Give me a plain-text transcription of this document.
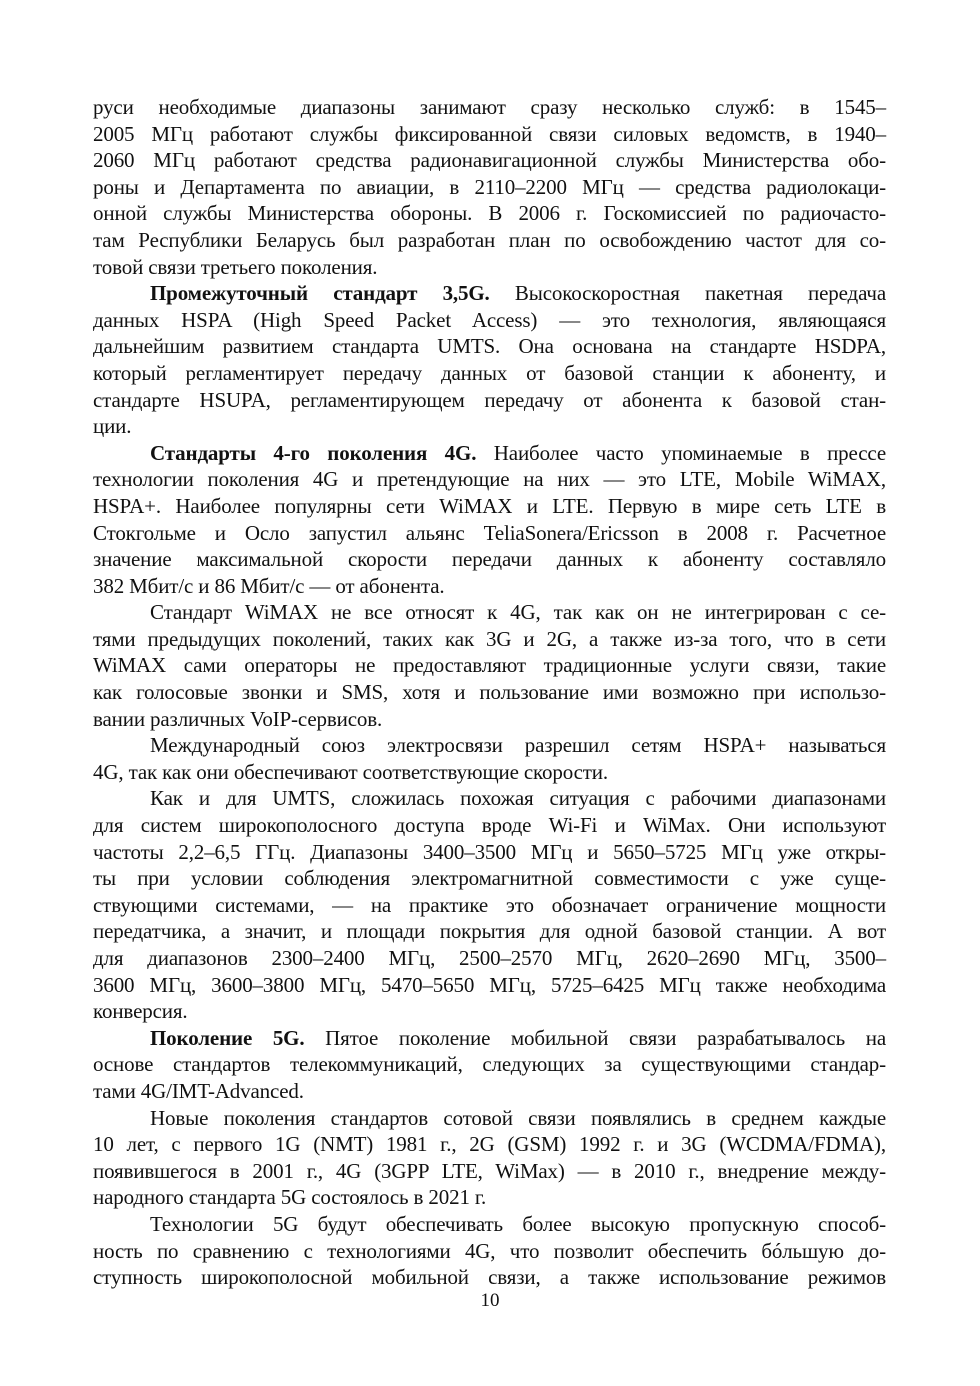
руси необходимые диапазоны занимают сразу несколько служб: в 1545–
2005 МГц работают службы фиксированной связи силовых ведомств, в 1940–
2060 МГц работают средства радионавигационной службы Министерства обо-
роны и Департамента по авиации, в 2110–2200 МГц — средства радиолокаци-
онной службы Министерства обороны. В 2006 г. Госкомиссией по радиочасто-
там Республики Беларусь был разработан план по освобождению частот для со-
товой связи третьего поколения.
Промежуточный стандарт 3,5G. Высокоскоростная пакетная передача
данных HSPA (High Speed Packet Access) — это технология, являющаяся
дальнейшим развитием стандарта UMTS. Она основана на стандарте HSDPA,
который регламентирует передачу данных от базовой станции к абоненту, и
стандарте HSUPA, регламентирующем передачу от абонента к базовой стан-
ции.
Стандарты 4-го поколения 4G. Наиболее часто упоминаемые в прессе
технологии поколения 4G и претендующие на них — это LTE, Mobile WiMAX,
HSPA+. Наиболее популярны сети WiMAX и LTE. Первую в мире сеть LTE в
Стокгольме и Осло запустил альянс TeliaSonera/Ericsson в 2008 г. Расчетное
значение максимальной скорости передачи данных к абоненту составляло
382 Мбит/с и 86 Мбит/с — от абонента.
Стандарт WiMAX не все относят к 4G, так как он не интегрирован с се-
тями предыдущих поколений, таких как 3G и 2G, а также из-за того, что в сети
WiMAX сами операторы не предоставляют традиционные услуги связи, такие
как голосовые звонки и SMS, хотя и пользование ими возможно при использо-
вании различных VoIP-сервисов.
Международный союз электросвязи разрешил сетям HSPA+ называться
4G, так как они обеспечивают соответствующие скорости.
Как и для UMTS, сложилась похожая ситуация с рабочими диапазонами
для систем широкополосного доступа вроде Wi-Fi и WiMax. Они используют
частоты 2,2–6,5 ГГц. Диапазоны 3400–3500 МГц и 5650–5725 МГц уже откры-
ты при условии соблюдения электромагнитной совместимости с уже суще-
ствующими системами, — на практике это обозначает ограничение мощности
передатчика, а значит, и площади покрытия для одной базовой станции. А вот
для диапазонов 2300–2400 МГц, 2500–2570 МГц, 2620–2690 МГц, 3500–
3600 МГц, 3600–3800 МГц, 5470–5650 МГц, 5725–6425 МГц также необходима
конверсия.
Поколение 5G. Пятое поколение мобильной связи разрабатывалось на
основе стандартов телекоммуникаций, следующих за существующими стандар-
тами 4G/IMT-Advanced.
Новые поколения стандартов сотовой связи появлялись в среднем каждые
10 лет, с первого 1G (NMT) 1981 г., 2G (GSM) 1992 г. и 3G (WCDMA/FDMA),
появившегося в 2001 г., 4G (3GPP LTE, WiMax) — в 2010 г., внедрение между-
народного стандарта 5G состоялось в 2021 г.
Технологии 5G будут обеспечивать более высокую пропускную способ-
ность по сравнению с технологиями 4G, что позволит обеспечить бóльшую до-
ступность широкополосной мобильной связи, а также использование режимов
10
